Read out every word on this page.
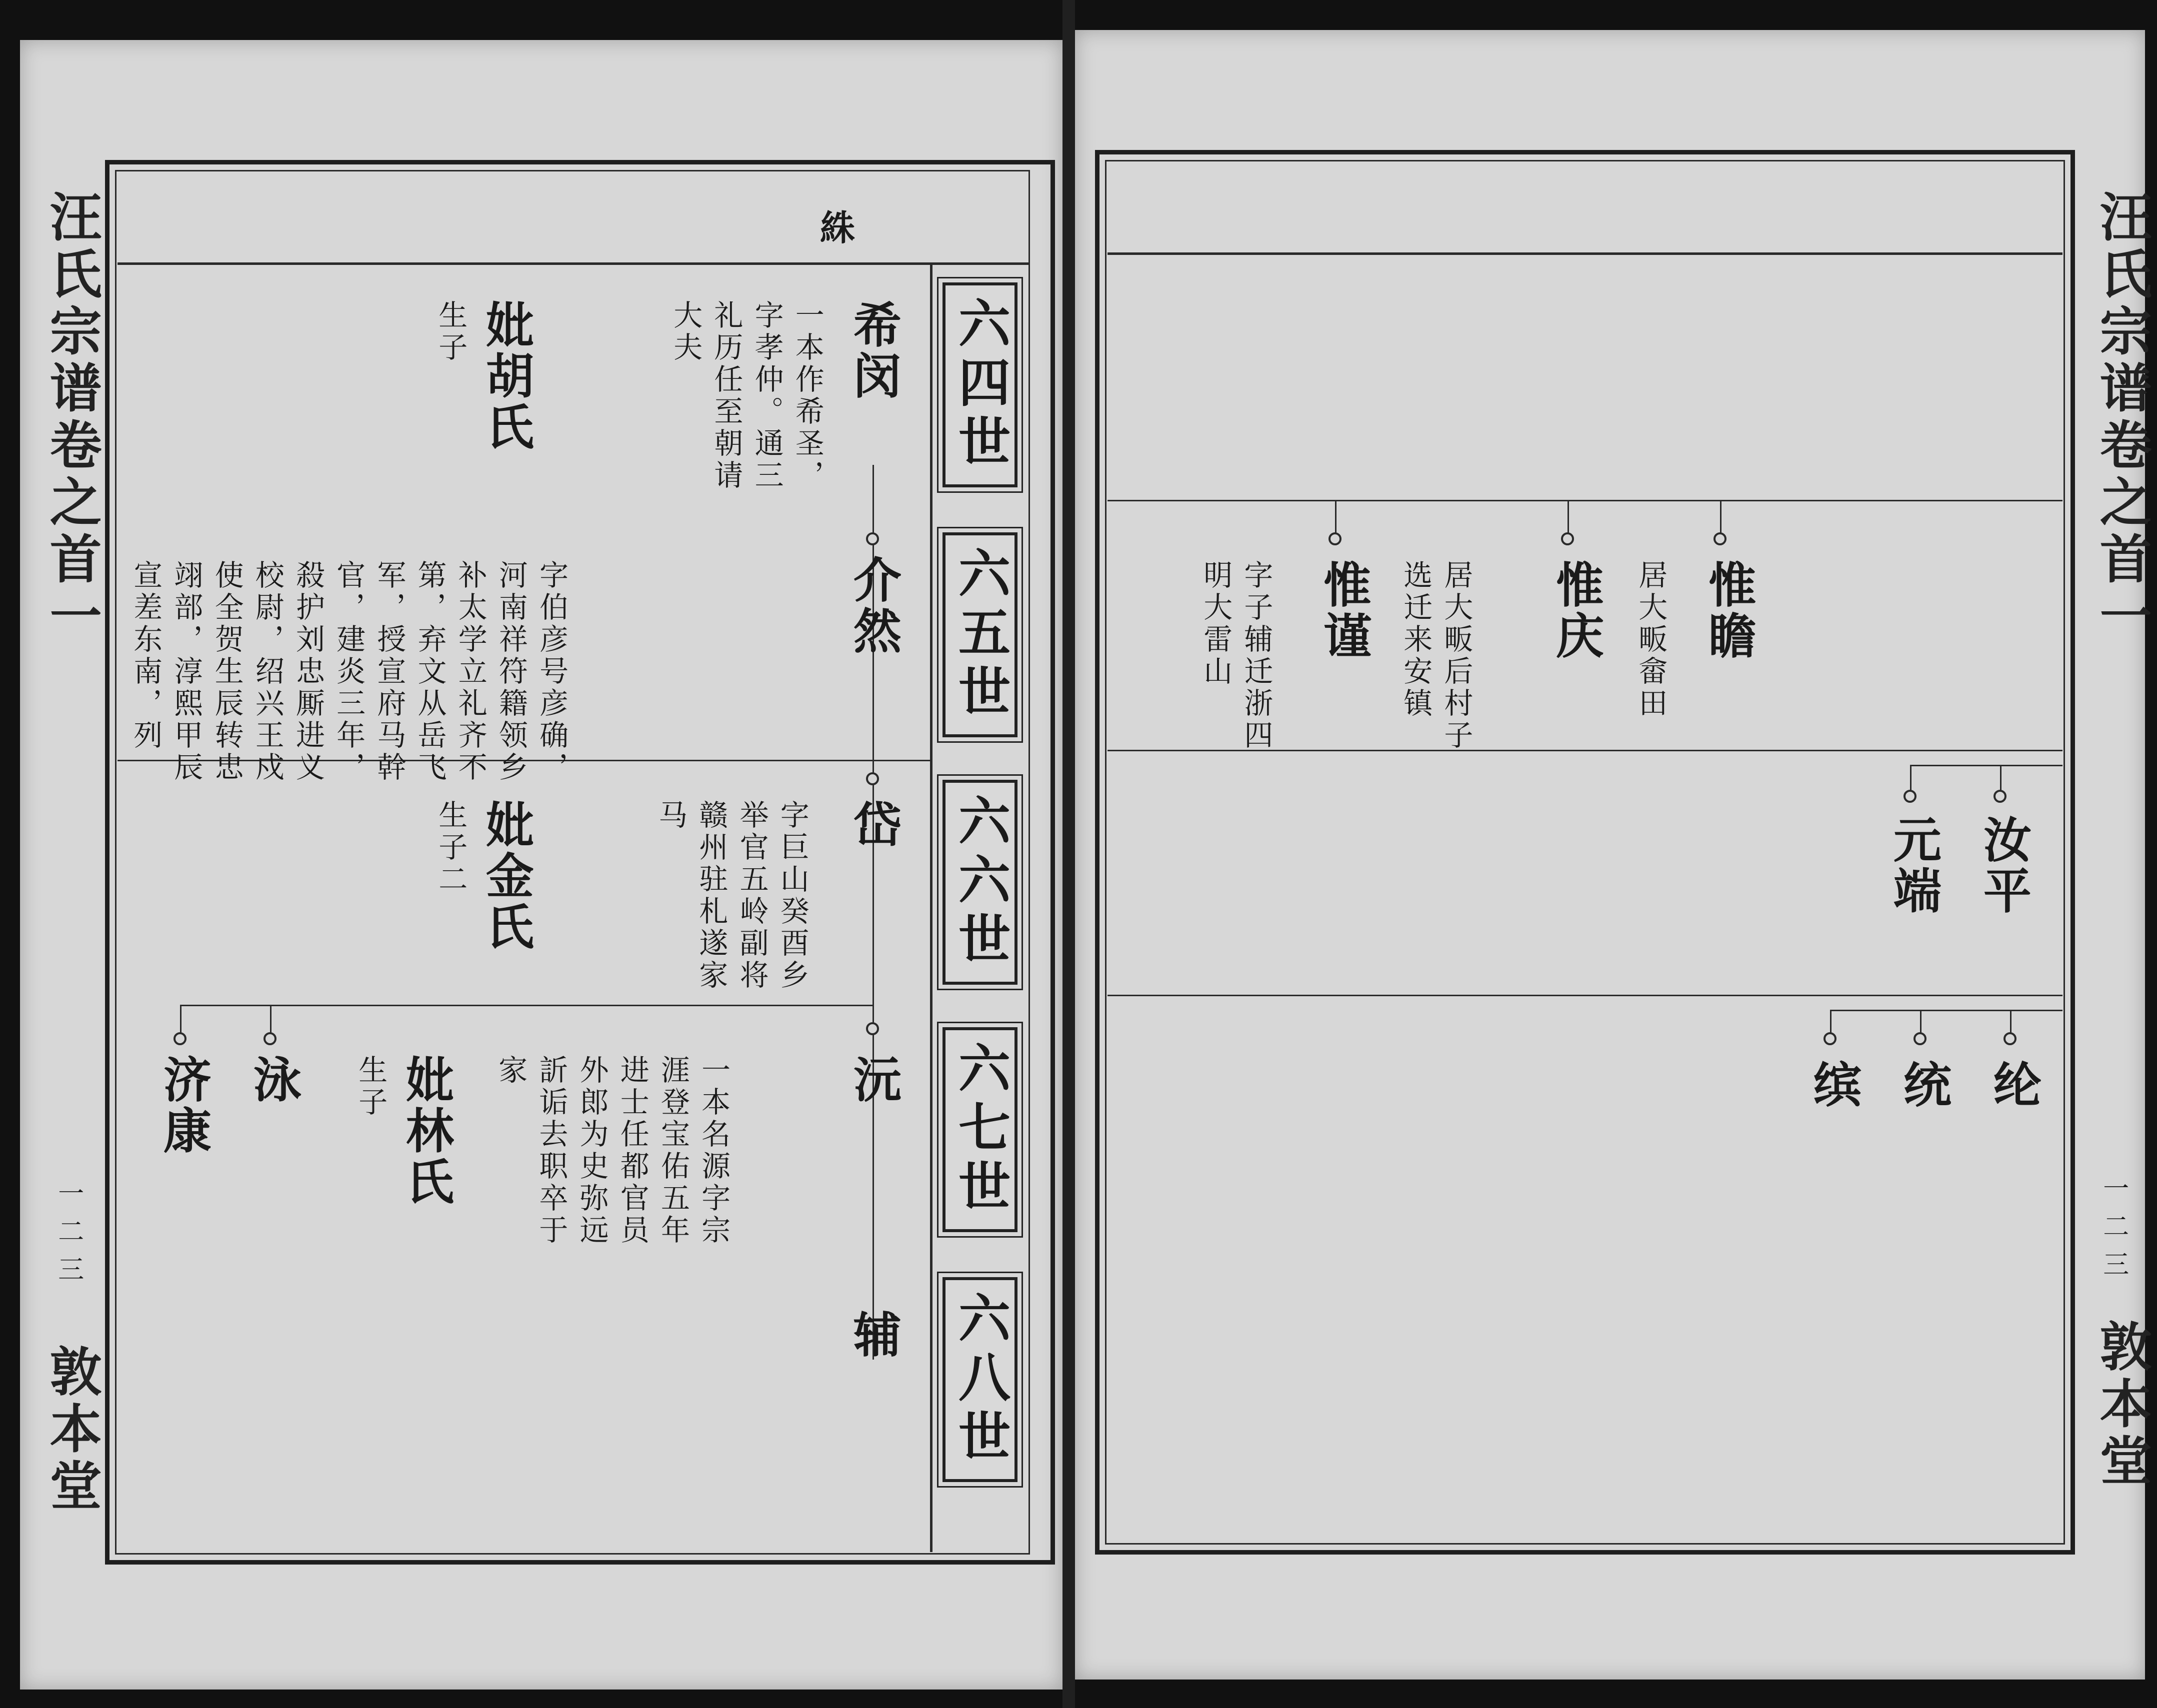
汪氏宗谱卷之首一
一二三
敦本堂
絑
六四世
六五世
六六世
六七世
六八世
希闵
一本作希圣，字孝仲。通三礼历任至朝请大夫
妣胡氏
生子
介然
字伯彦号彦确，河南祥符籍领乡补太学立礼齐不第，弃文从岳飞军，授宣府马幹官，建炎三年，殺护刘忠厮进义校尉，绍兴王戍使全贺生辰转忠翊部，淳熙甲辰宣差东南，列
岱
字巨山癸酉乡举官五岭副将赣州驻札遂家马
妣金氏
生子二
沅
一本名源字宗涯登宝佑五年进士任都官员外郎为史弥远訢诟去职卒于家
妣林氏
生子
辅
济康 泳
汪氏宗谱卷之首一
一二三
敦本堂
惟瞻
居大畈畲田
惟庆
居大畈后村子选迁来安镇
惟谨
字子辅迁浙四明大雷山
汝平
元端
纶
统
缤
